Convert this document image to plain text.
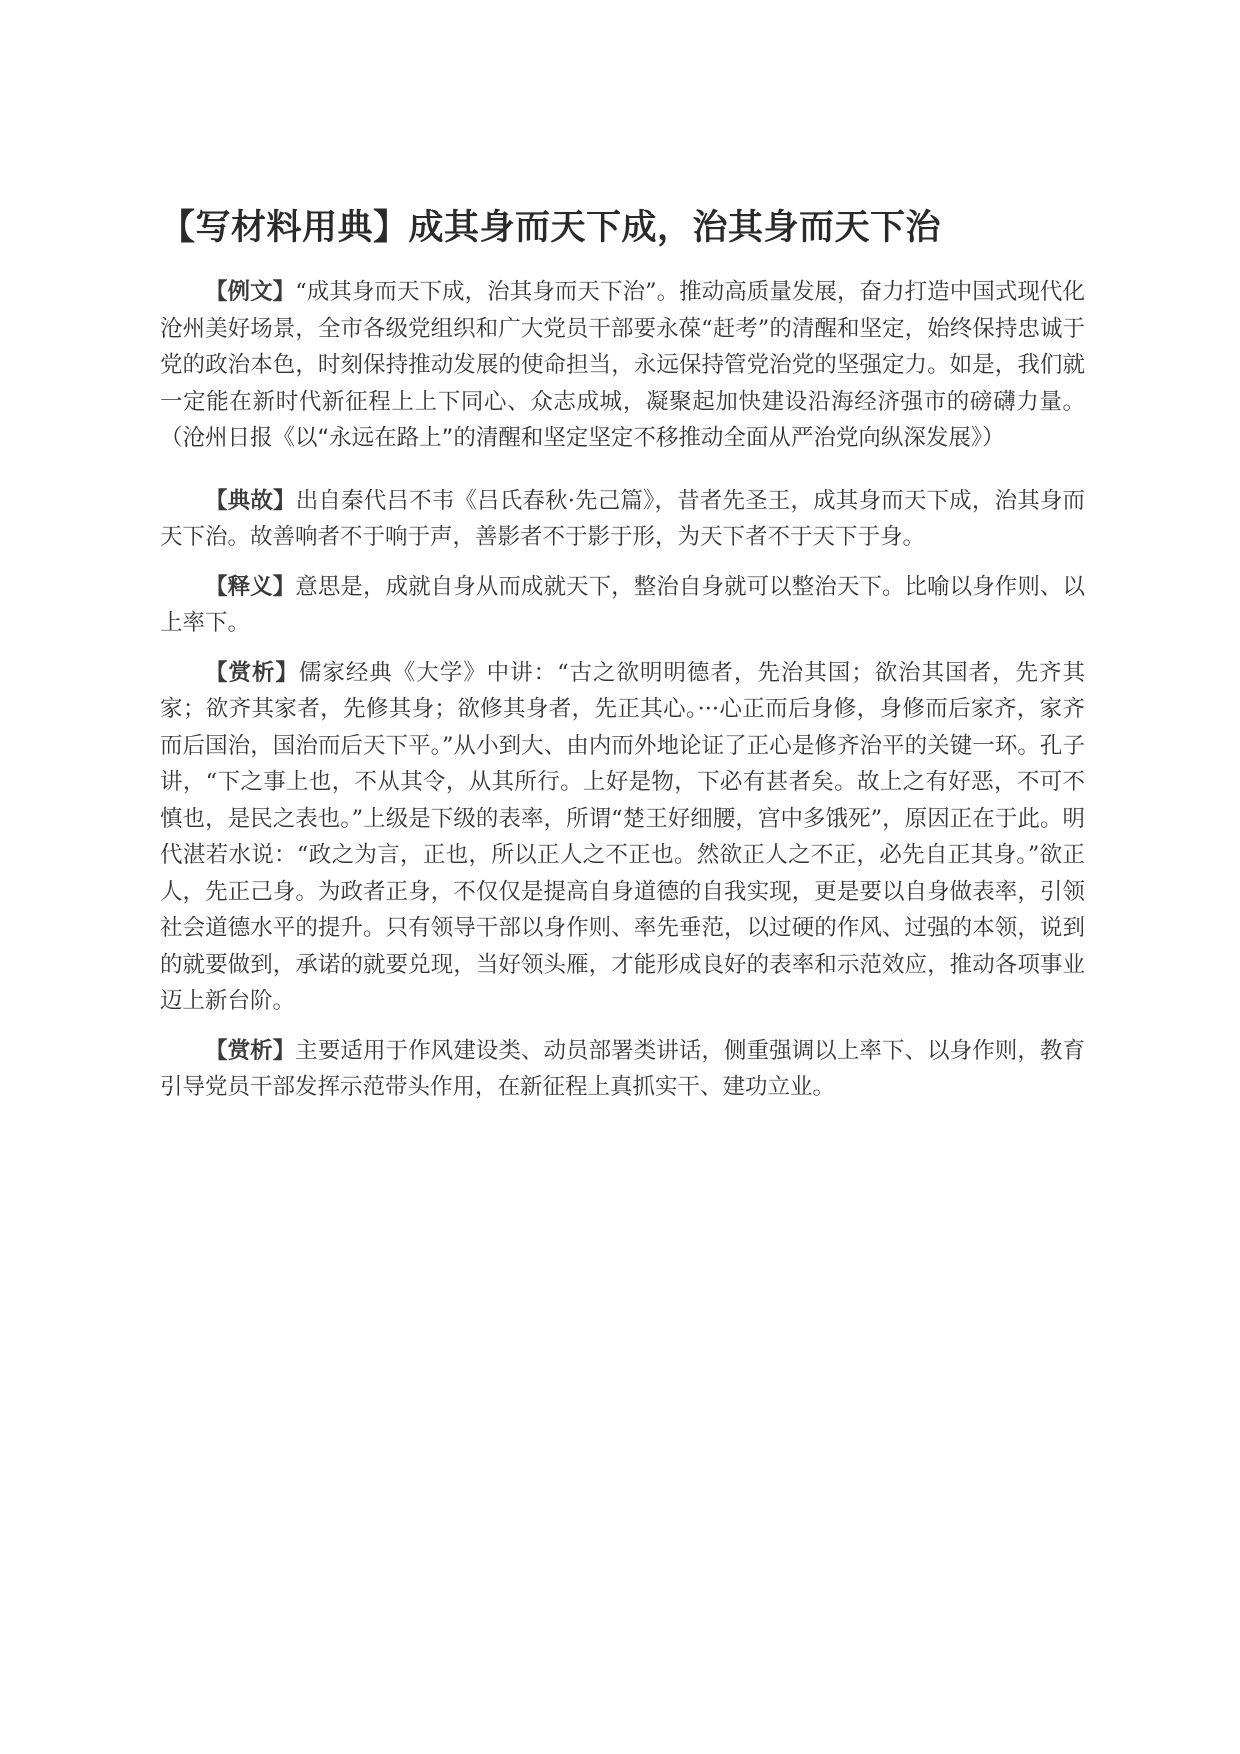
【写材料用典】成其身而天下成，治其身而天下治

【例文】“成其身而天下成，治其身而天下治”。推动高质量发展，奋力打造中国式现代化沧州美好场景，全市各级党组织和广大党员干部要永葆“赶考”的清醒和坚定，始终保持忠诚于党的政治本色，时刻保持推动发展的使命担当，永远保持管党治党的坚强定力。如是，我们就一定能在新时代新征程上上下同心、众志成城，凝聚起加快建设沿海经济强市的磅礴力量。（沧州日报《以“永远在路上”的清醒和坚定坚定不移推动全面从严治党向纵深发展》）

【典故】出自秦代吕不韦《吕氏春秋·先己篇》，昔者先圣王，成其身而天下成，治其身而天下治。故善响者不于响于声，善影者不于影于形，为天下者不于天下于身。

【释义】意思是，成就自身从而成就天下，整治自身就可以整治天下。比喻以身作则、以上率下。

【赏析】儒家经典《大学》中讲：“古之欲明明德者，先治其国；欲治其国者，先齐其家；欲齐其家者，先修其身；欲修其身者，先正其心。···心正而后身修，身修而后家齐，家齐而后国治，国治而后天下平。”从小到大、由内而外地论证了正心是修齐治平的关键一环。孔子讲，“下之事上也，不从其令，从其所行。上好是物，下必有甚者矣。故上之有好恶，不可不慎也，是民之表也。”上级是下级的表率，所谓“楚王好细腰，宫中多饿死”，原因正在于此。明代湛若水说：“政之为言，正也，所以正人之不正也。然欲正人之不正，必先自正其身。”欲正人，先正己身。为政者正身，不仅仅是提高自身道德的自我实现，更是要以自身做表率，引领社会道德水平的提升。只有领导干部以身作则、率先垂范，以过硬的作风、过强的本领，说到的就要做到，承诺的就要兑现，当好领头雁，才能形成良好的表率和示范效应，推动各项事业迈上新台阶。

【赏析】主要适用于作风建设类、动员部署类讲话，侧重强调以上率下、以身作则，教育引导党员干部发挥示范带头作用，在新征程上真抓实干、建功立业。
